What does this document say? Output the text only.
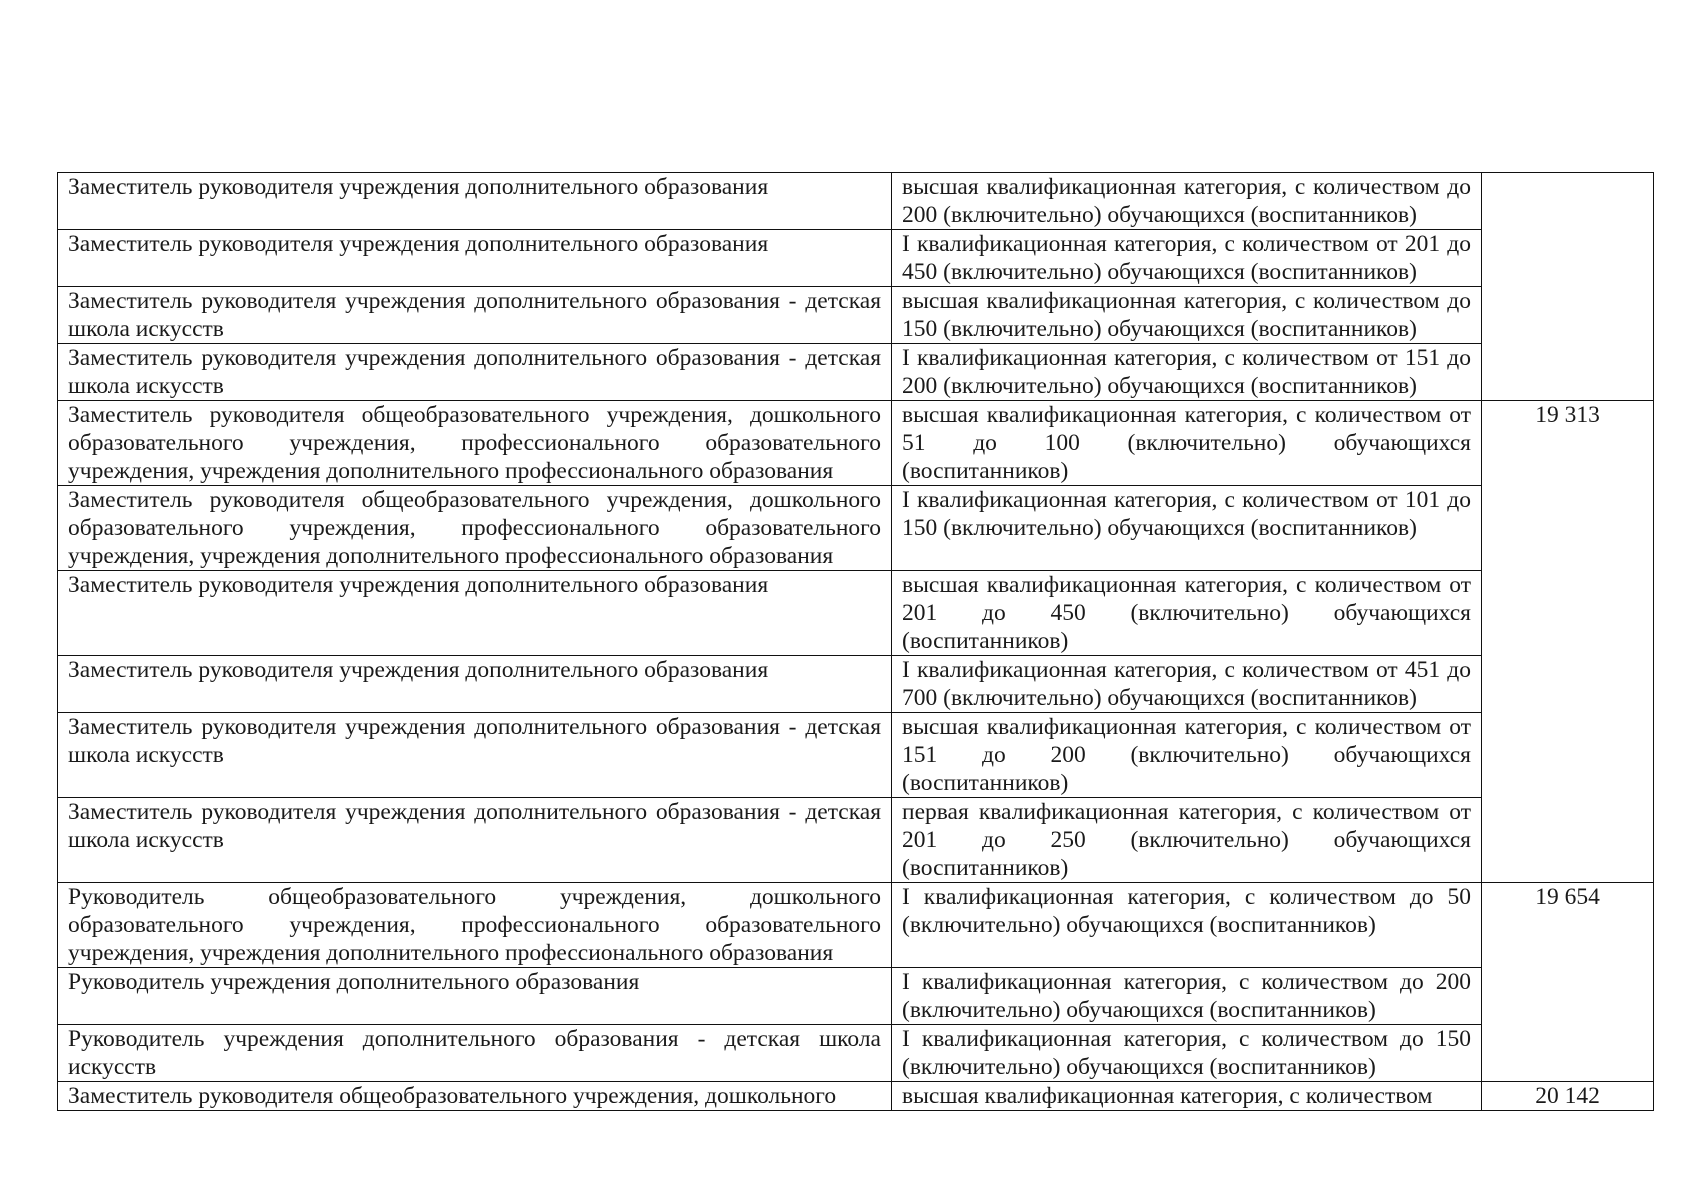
Заместитель руководителя учреждения дополнительного образования	высшая квалификационная категория, с количеством до 200 (включительно) обучающихся (воспитанников)	
Заместитель руководителя учреждения дополнительного образования	I квалификационная категория, с количеством от 201 до 450 (включительно) обучающихся (воспитанников)	
Заместитель руководителя учреждения дополнительного образования - детская школа искусств	высшая квалификационная категория, с количеством до 150 (включительно) обучающихся (воспитанников)	
Заместитель руководителя учреждения дополнительного образования - детская школа искусств	I квалификационная категория, с количеством от 151 до 200 (включительно) обучающихся (воспитанников)	
Заместитель руководителя общеобразовательного учреждения, дошкольного образовательного учреждения, профессионального образовательного учреждения, учреждения дополнительного профессионального образования	высшая квалификационная категория, с количеством от 51 до 100 (включительно) обучающихся (воспитанников)	19 313
Заместитель руководителя общеобразовательного учреждения, дошкольного образовательного учреждения, профессионального образовательного учреждения, учреждения дополнительного профессионального образования	I квалификационная категория, с количеством от 101 до 150 (включительно) обучающихся (воспитанников)	
Заместитель руководителя учреждения дополнительного образования	высшая квалификационная категория, с количеством от 201 до 450 (включительно) обучающихся (воспитанников)	
Заместитель руководителя учреждения дополнительного образования	I квалификационная категория, с количеством от 451 до 700 (включительно) обучающихся (воспитанников)	
Заместитель руководителя учреждения дополнительного образования - детская школа искусств	высшая квалификационная категория, с количеством от 151 до 200 (включительно) обучающихся (воспитанников)	
Заместитель руководителя учреждения дополнительного образования - детская школа искусств	первая квалификационная категория, с количеством от 201 до 250 (включительно) обучающихся (воспитанников)	
Руководитель общеобразовательного учреждения, дошкольного образовательного учреждения, профессионального образовательного учреждения, учреждения дополнительного профессионального образования	I квалификационная категория, с количеством до 50 (включительно) обучающихся (воспитанников)	19 654
Руководитель учреждения дополнительного образования	I квалификационная категория, с количеством до 200 (включительно) обучающихся (воспитанников)	
Руководитель учреждения дополнительного образования - детская школа искусств	I квалификационная категория, с количеством до 150 (включительно) обучающихся (воспитанников)	
Заместитель руководителя общеобразовательного учреждения, дошкольного	высшая квалификационная категория, с количеством	20 142
